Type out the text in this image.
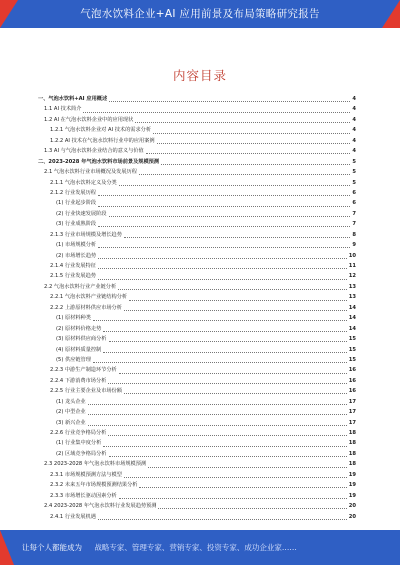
气泡水饮料企业+AI 应用前景及布局策略研究报告
内容目录
一、气泡水饮料+AI 应用概述	4
1.1 AI 技术简介	4
1.2 AI 在气泡水饮料企业中的应用现状	4
1.2.1 气泡水饮料企业对 AI 技术的需求分析	4
1.2.2 AI 技术在气泡水饮料行业中的应用案例	4
1.3 AI 与气泡水饮料企业结合的意义与价值	4
二、2023-2028 年气泡水饮料市场前景及规模预测	5
2.1 气泡水饮料行业市场概况及发展历程	5
2.1.1 气泡水饮料定义及分类	5
2.1.2 行业发展历程	6
(1) 行业起步阶段	6
(2) 行业快速发展阶段	7
(3) 行业成熟阶段	7
2.1.3 行业市场规模及增长趋势	8
(1) 市场规模分析	9
(2) 市场增长趋势	10
2.1.4 行业发展特征	11
2.1.5 行业发展趋势	12
2.2 气泡水饮料行业产业链分析	13
2.2.1 气泡水饮料产业链结构分析	13
2.2.2 上游原材料供应市场分析	14
(1) 原材料种类	14
(2) 原材料价格走势	14
(3) 原材料供应商分析	15
(4) 原材料质量控制	15
(5) 供应链管理	15
2.2.3 中游生产制造环节分析	16
2.2.4 下游消费市场分析	16
2.2.5 行业主要企业及市场份额	16
(1) 龙头企业	17
(2) 中型企业	17
(3) 新兴企业	17
2.2.6 行业竞争格局分析	18
(1) 行业集中度分析	18
(2) 区域竞争格局分析	18
2.3 2023-2028 年气泡水饮料市场规模预测	18
2.3.1 市场规模预测方法与模型	19
2.3.2 未来五年市场规模预测结果分析	19
2.3.3 市场增长驱动因素分析	19
2.4 2023-2028 年气泡水饮料行业发展趋势预测	20
2.4.1 行业发展机遇	20
让每个人都能成为 战略专家、管理专家、营销专家、投资专家、成功企业家……
